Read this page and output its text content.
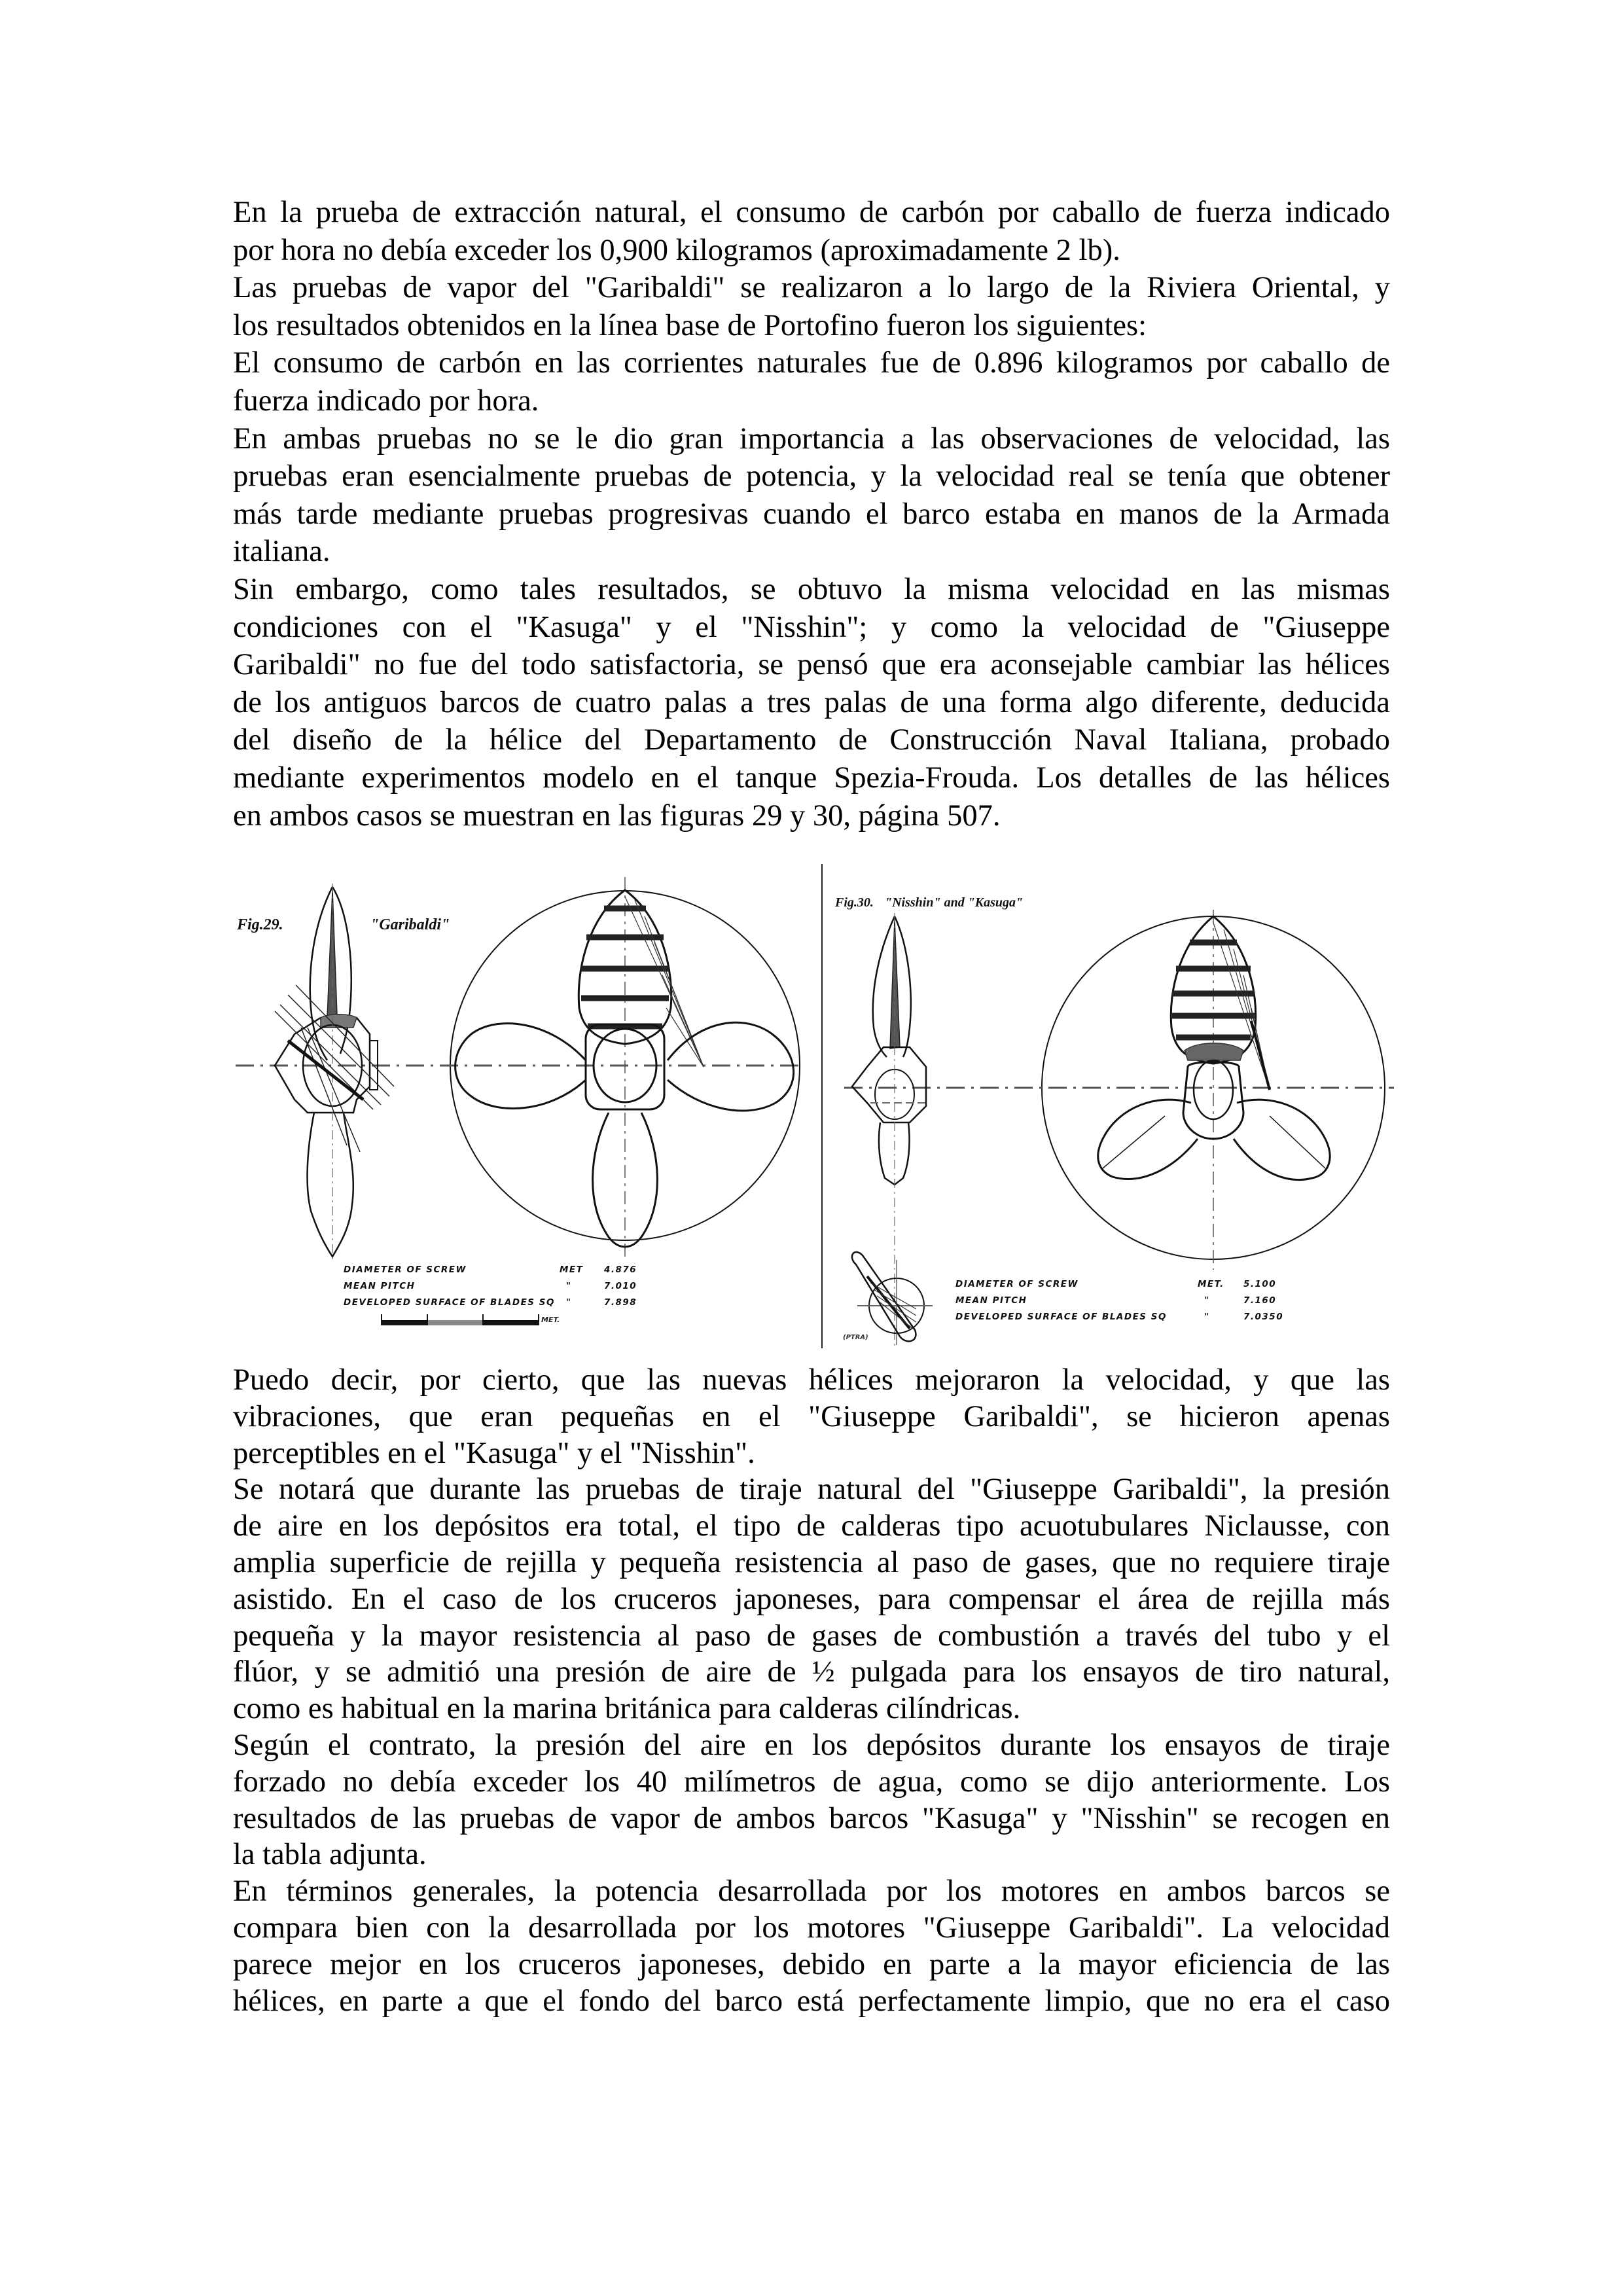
En la prueba de extracción natural, el consumo de carbón por caballo de fuerza indicado
por hora no debía exceder los 0,900 kilogramos (aproximadamente 2 lb).
Las pruebas de vapor del "Garibaldi" se realizaron a lo largo de la Riviera Oriental, y
los resultados obtenidos en la línea base de Portofino fueron los siguientes:
El consumo de carbón en las corrientes naturales fue de 0.896 kilogramos por caballo de
fuerza indicado por hora.
En ambas pruebas no se le dio gran importancia a las observaciones de velocidad, las
pruebas eran esencialmente pruebas de potencia, y la velocidad real se tenía que obtener
más tarde mediante pruebas progresivas cuando el barco estaba en manos de la Armada
italiana.
Sin embargo, como tales resultados, se obtuvo la misma velocidad en las mismas
condiciones con el "Kasuga" y el "Nisshin"; y como la velocidad de "Giuseppe
Garibaldi" no fue del todo satisfactoria, se pensó que era aconsejable cambiar las hélices
de los antiguos barcos de cuatro palas a tres palas de una forma algo diferente, deducida
del diseño de la hélice del Departamento de Construcción Naval Italiana, probado
mediante experimentos modelo en el tanque Spezia-Frouda. Los detalles de las hélices
en ambos casos se muestran en las figuras 29 y 30, página 507.
Fig.29.	"Garibaldi"
DIAMETER OF SCREW	MET 4.876
MEAN PITCH	"	7.010
DEVELOPED SURFACE OF BLADES SQ "	7.898
MET.
Fig.30. "Nisshin" and "Kasuga"
DIAMETER OF SCREW	MET. 5.100
MEAN PITCH	"	7.160
DEVELOPED SURFACE OF BLADES SQ	"	7.0350
(PTRA)
Puedo decir, por cierto, que las nuevas hélices mejoraron la velocidad, y que las
vibraciones, que eran pequeñas en el "Giuseppe Garibaldi", se hicieron apenas
perceptibles en el "Kasuga" y el "Nisshin".
Se notará que durante las pruebas de tiraje natural del "Giuseppe Garibaldi", la presión
de aire en los depósitos era total, el tipo de calderas tipo acuotubulares Niclausse, con
amplia superficie de rejilla y pequeña resistencia al paso de gases, que no requiere tiraje
asistido. En el caso de los cruceros japoneses, para compensar el área de rejilla más
pequeña y la mayor resistencia al paso de gases de combustión a través del tubo y el
flúor, y se admitió una presión de aire de ½ pulgada para los ensayos de tiro natural,
como es habitual en la marina británica para calderas cilíndricas.
Según el contrato, la presión del aire en los depósitos durante los ensayos de tiraje
forzado no debía exceder los 40 milímetros de agua, como se dijo anteriormente. Los
resultados de las pruebas de vapor de ambos barcos "Kasuga" y "Nisshin" se recogen en
la tabla adjunta.
En términos generales, la potencia desarrollada por los motores en ambos barcos se
compara bien con la desarrollada por los motores "Giuseppe Garibaldi". La velocidad
parece mejor en los cruceros japoneses, debido en parte a la mayor eficiencia de las
hélices, en parte a que el fondo del barco está perfectamente limpio, que no era el caso
